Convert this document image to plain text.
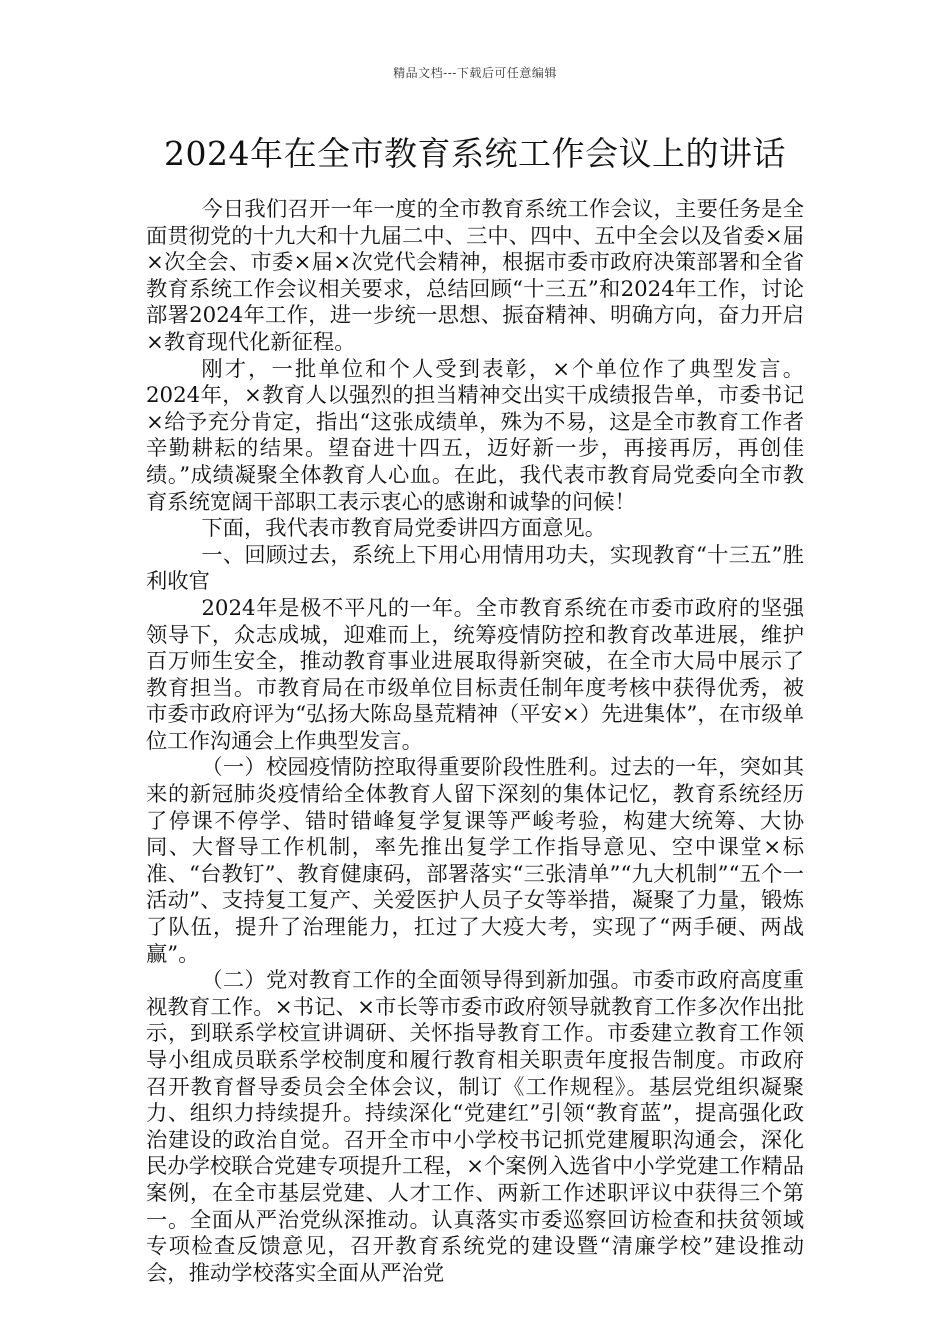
精品文档---下载后可任意编辑
2024年在全市教育系统工作会议上的讲话

今日我们召开一年一度的全市教育系统工作会议，主要任务是全面贯彻党的十九大和十九届二中、三中、四中、五中全会以及省委×届×次全会、市委×届×次党代会精神，根据市委市政府决策部署和全省教育系统工作会议相关要求，总结回顾“十三五”和2024年工作，讨论部署2024年工作，进一步统一思想、振奋精神、明确方向，奋力开启×教育现代化新征程。

刚才，一批单位和个人受到表彰，×个单位作了典型发言。2024年，×教育人以强烈的担当精神交出实干成绩报告单，市委书记×给予充分肯定，指出“这张成绩单，殊为不易，这是全市教育工作者辛勤耕耘的结果。望奋进十四五，迈好新一步，再接再厉，再创佳绩。”成绩凝聚全体教育人心血。在此，我代表市教育局党委向全市教育系统宽阔干部职工表示衷心的感谢和诚挚的问候！

下面，我代表市教育局党委讲四方面意见。

一、回顾过去，系统上下用心用情用功夫，实现教育“十三五”胜利收官

2024年是极不平凡的一年。全市教育系统在市委市政府的坚强领导下，众志成城，迎难而上，统筹疫情防控和教育改革进展，维护百万师生安全，推动教育事业进展取得新突破，在全市大局中展示了教育担当。市教育局在市级单位目标责任制年度考核中获得优秀，被市委市政府评为“弘扬大陈岛垦荒精神（平安×）先进集体”，在市级单位工作沟通会上作典型发言。

（一）校园疫情防控取得重要阶段性胜利。过去的一年，突如其来的新冠肺炎疫情给全体教育人留下深刻的集体记忆，教育系统经历了停课不停学、错时错峰复学复课等严峻考验，构建大统筹、大协同、大督导工作机制，率先推出复学工作指导意见、空中课堂×标准、“台教钉”、教育健康码，部署落实“三张清单”“九大机制”“五个一活动”、支持复工复产、关爱医护人员子女等举措，凝聚了力量，锻炼了队伍，提升了治理能力，扛过了大疫大考，实现了“两手硬、两战赢”。

（二）党对教育工作的全面领导得到新加强。市委市政府高度重视教育工作。×书记、×市长等市委市政府领导就教育工作多次作出批示，到联系学校宣讲调研、关怀指导教育工作。市委建立教育工作领导小组成员联系学校制度和履行教育相关职责年度报告制度。市政府召开教育督导委员会全体会议，制订《工作规程》。基层党组织凝聚力、组织力持续提升。持续深化“党建红”引领“教育蓝”，提高强化政治建设的政治自觉。召开全市中小学校书记抓党建履职沟通会，深化民办学校联合党建专项提升工程，×个案例入选省中小学党建工作精品案例，在全市基层党建、人才工作、两新工作述职评议中获得三个第一。全面从严治党纵深推动。认真落实市委巡察回访检查和扶贫领域专项检查反馈意见，召开教育系统党的建设暨“清廉学校”建设推动会，推动学校落实全面从严治党
